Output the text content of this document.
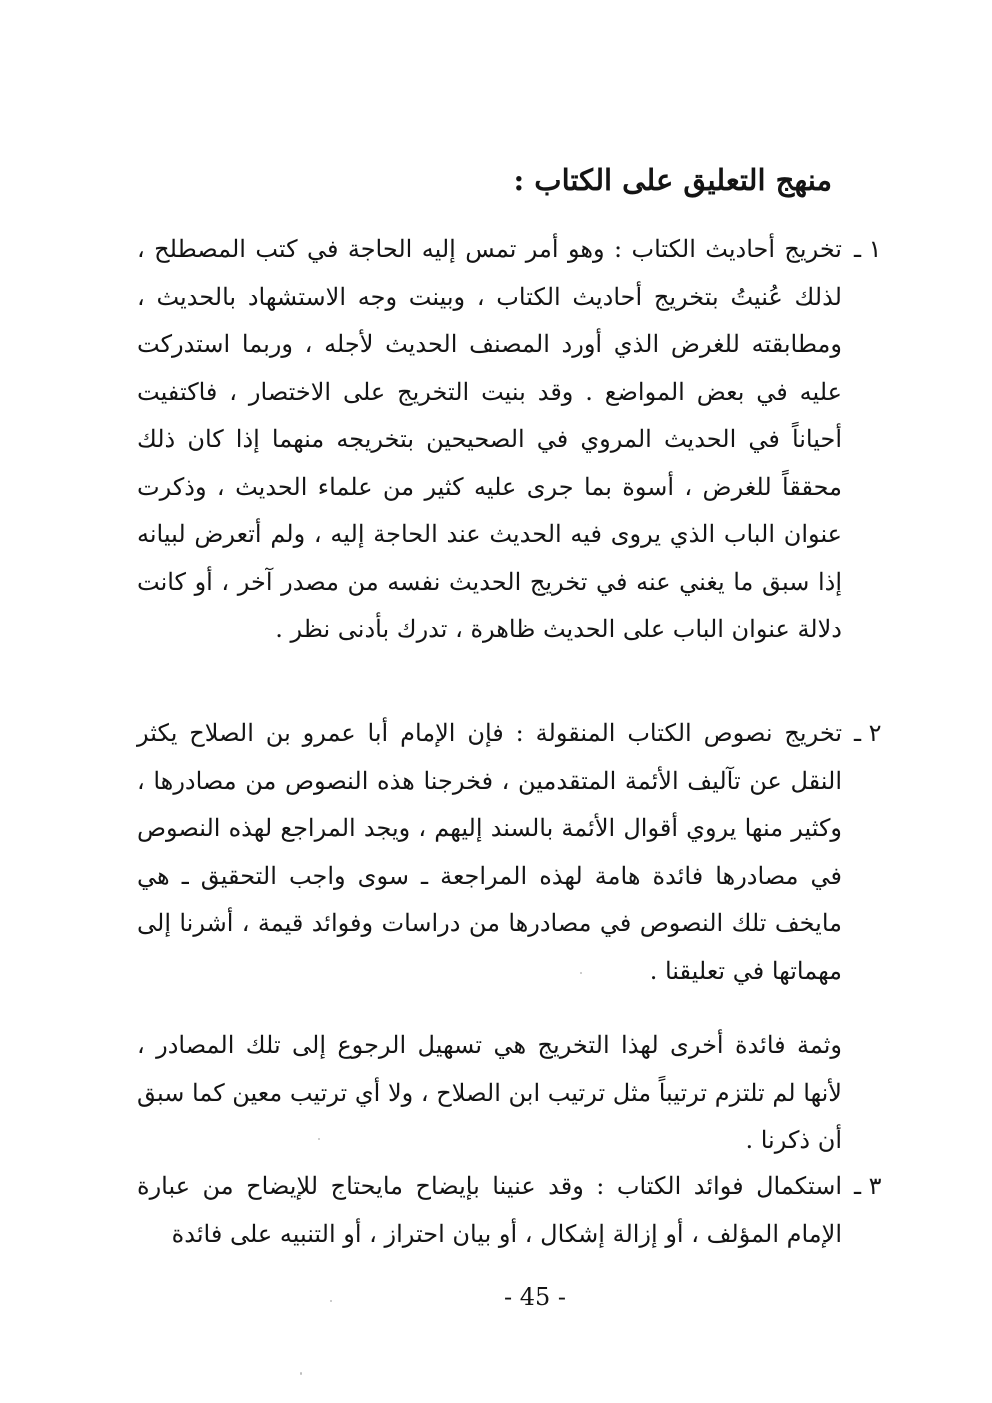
منهج التعليق على الكتاب :
١ ـ

تخريج أحاديث الكتاب : وهو أمر تمس إليه الحاجة في كتب المصطلح ، لذلك عُنيتُ بتخريج أحاديث الكتاب ، وبينت وجه الاستشهاد بالحديث ، ومطابقته للغرض الذي أورد المصنف الحديث لأجله ، وربما استدركت عليه في بعض المواضع . وقد بنيت التخريج على الاختصار ، فاكتفيت أحياناً في الحديث المروي في الصحيحين بتخريجه منهما إذا كان ذلك محققاً للغرض ، أسوة بما جرى عليه كثير من علماء الحديث ، وذكرت عنوان الباب الذي يروى فيه الحديث عند الحاجة إليه ، ولم أتعرض لبيانه إذا سبق ما يغني عنه في تخريج الحديث نفسه من مصدر آخر ، أو كانت دلالة عنوان الباب على الحديث ظاهرة ، تدرك بأدنى نظر .

٢ ـ

تخريج نصوص الكتاب المنقولة : فإن الإمام أبا عمرو بن الصلاح يكثر النقل عن تآليف الأئمة المتقدمين ، فخرجنا هذه النصوص من مصادرها ، وكثير منها يروي أقوال الأئمة بالسند إليهم ، ويجد المراجع لهذه النصوص في مصادرها فائدة هامة لهذه المراجعة ـ سوى واجب التحقيق ـ هي مايخف تلك النصوص في مصادرها من دراسات وفوائد قيمة ، أشرنا إلى مهماتها في تعليقنا .

وثمة فائدة أخرى لهذا التخريج هي تسهيل الرجوع إلى تلك المصادر ، لأنها لم تلتزم ترتيباً مثل ترتيب ابن الصلاح ، ولا أي ترتيب معين كما سبق أن ذكرنا .

٣ ـ

استكمال فوائد الكتاب : وقد عنينا بإيضاح مايحتاج للإيضاح من عبارة الإمام المؤلف ، أو إزالة إشكال ، أو بيان احتراز ، أو التنبيه على فائدة

- 45 -
